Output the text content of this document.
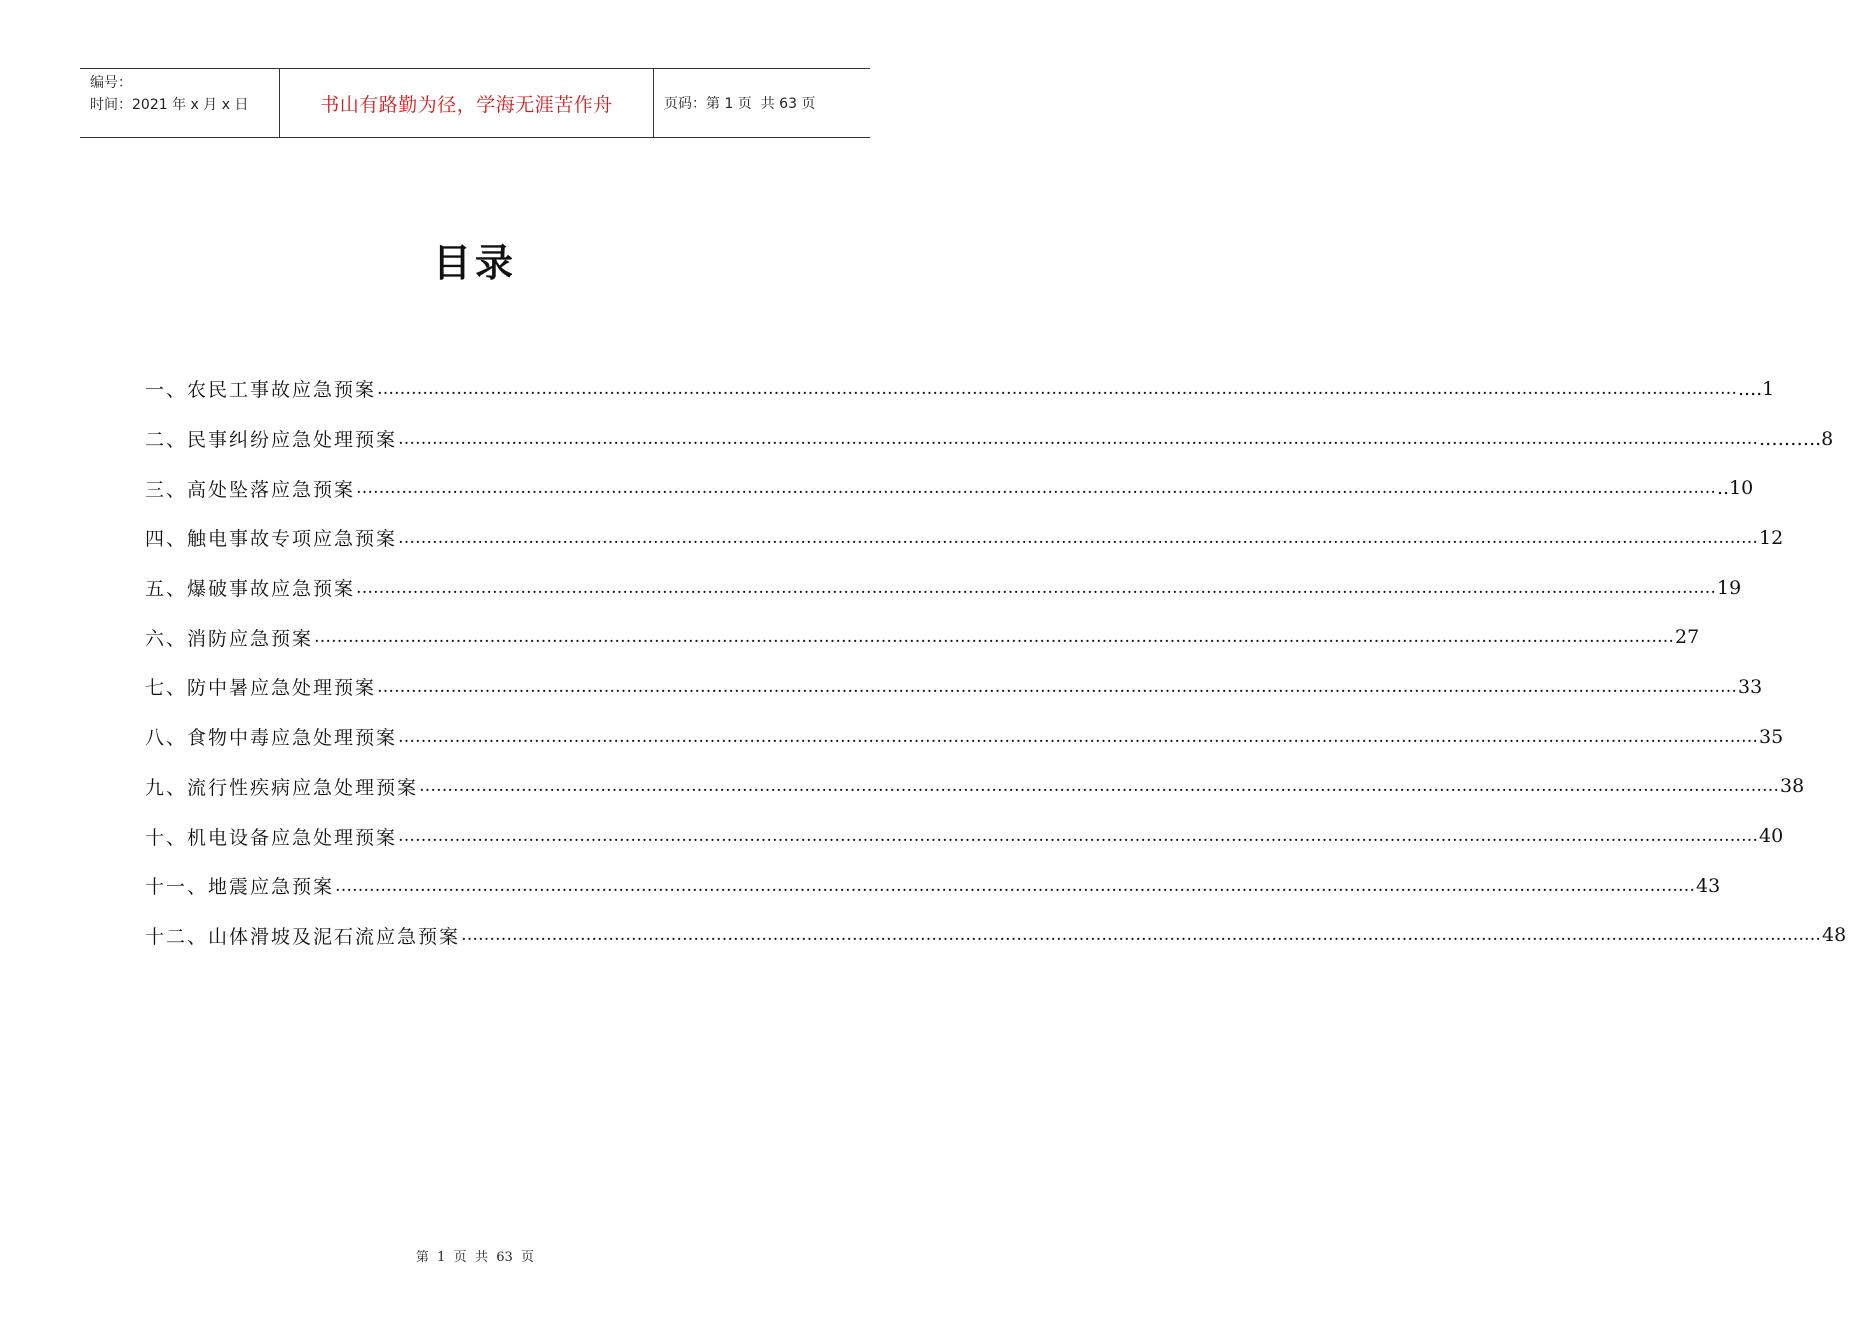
编号：
时间：2021 年 x 月 x 日	书山有路勤为径，学海无涯苦作舟	页码：第 1 页  共 63 页
目录
一、农民工事故应急预案 …………………………………………………………………………………………………………………………………………………………………………………………………………………… ....1
二、民事纠纷应急处理预案 …………………………………………………………………………………………………………………………………………………………………………………………………………………… .….…..8
三、高处坠落应急预案 …………………………………………………………………………………………………………………………………………………………………………………………………………………… ..10
四、触电事故专项应急预案 …………………………………………………………………………………………………………………………………………………………………………………………………………………… 12
五、爆破事故应急预案 …………………………………………………………………………………………………………………………………………………………………………………………………………………… 19
六、消防应急预案 …………………………………………………………………………………………………………………………………………………………………………………………………………………… 27
七、防中暑应急处理预案 …………………………………………………………………………………………………………………………………………………………………………………………………………………… 33
八、食物中毒应急处理预案 …………………………………………………………………………………………………………………………………………………………………………………………………………………… 35
九、流行性疾病应急处理预案 …………………………………………………………………………………………………………………………………………………………………………………………………………………… 38
十、机电设备应急处理预案 …………………………………………………………………………………………………………………………………………………………………………………………………………………… 40
十一、地震应急预案 …………………………………………………………………………………………………………………………………………………………………………………………………………………… 43
十二、山体滑坡及泥石流应急预案 …………………………………………………………………………………………………………………………………………………………………………………………………………………… 48
第  1  页  共  63  页
